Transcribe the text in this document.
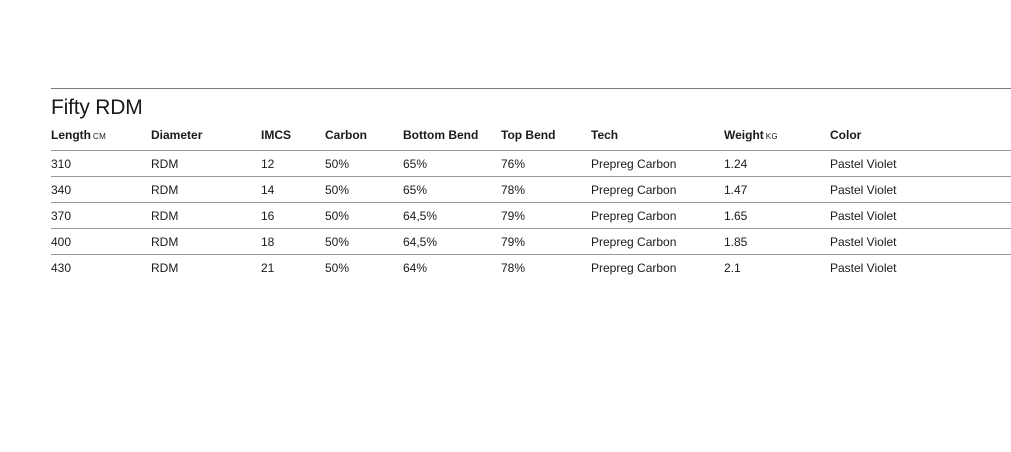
Fifty RDM
Length CM	Diameter	IMCS	Carbon	Bottom Bend	Top Bend	Tech	Weight KG	Color
310	RDM	12	50%	65%	76%	Prepreg Carbon	1.24	Pastel Violet
340	RDM	14	50%	65%	78%	Prepreg Carbon	1.47	Pastel Violet
370	RDM	16	50%	64,5%	79%	Prepreg Carbon	1.65	Pastel Violet
400	RDM	18	50%	64,5%	79%	Prepreg Carbon	1.85	Pastel Violet
430	RDM	21	50%	64%	78%	Prepreg Carbon	2.1	Pastel Violet
